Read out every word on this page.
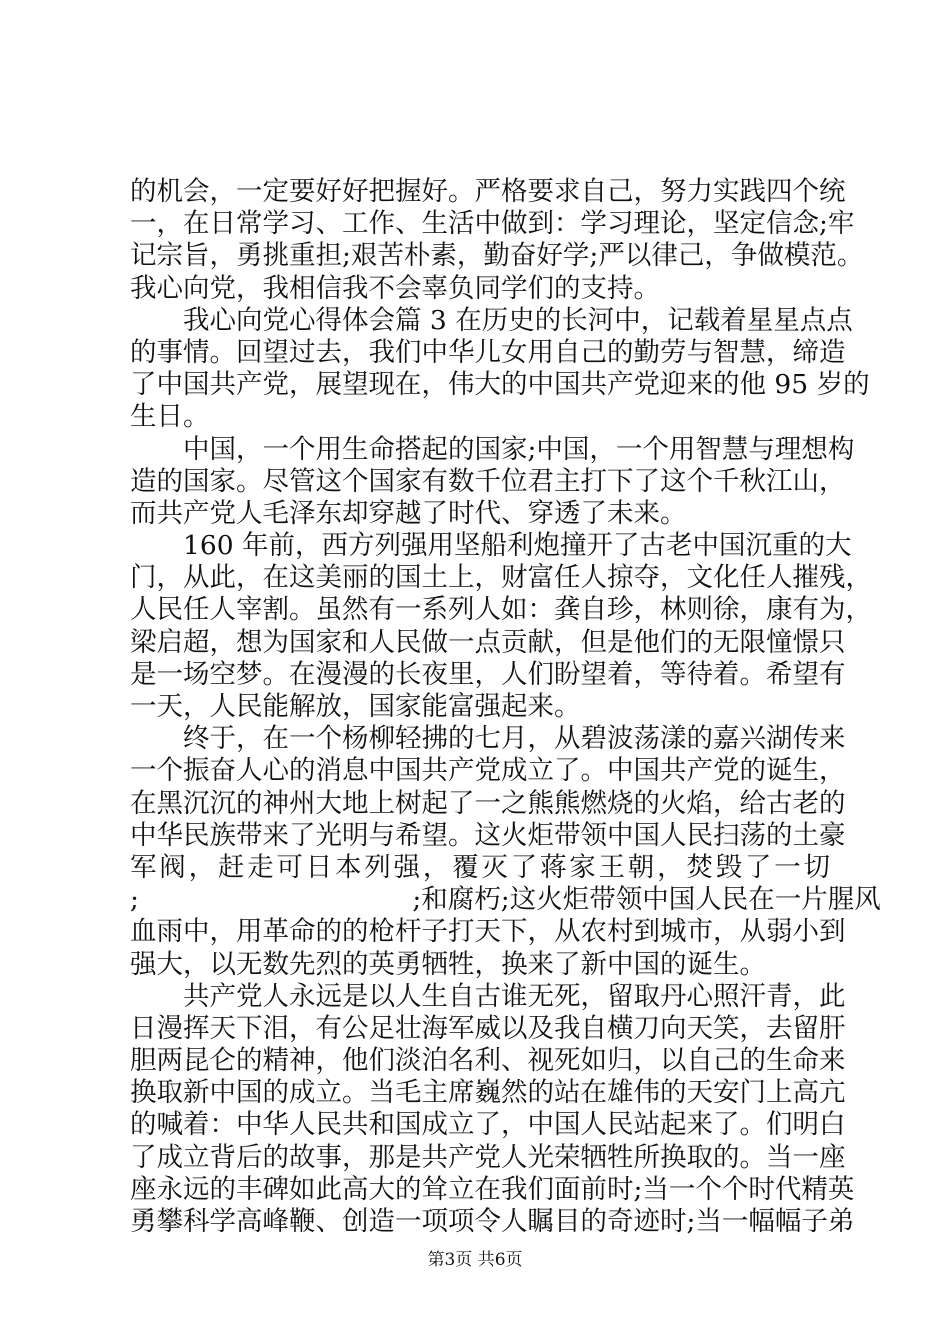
的机会，一定要好好把握好。严格要求自己，努力实践四个统
一，在日常学习、工作、生活中做到：学习理论，坚定信念;牢
记宗旨，勇挑重担;艰苦朴素，勤奋好学;严以律己，争做模范。
我心向党，我相信我不会辜负同学们的支持。
　　我心向党心得体会篇 3 在历史的长河中，记载着星星点点
的事情。回望过去，我们中华儿女用自己的勤劳与智慧，缔造
了中国共产党，展望现在，伟大的中国共产党迎来的他 95 岁的
生日。
　　中国，一个用生命搭起的国家;中国，一个用智慧与理想构
造的国家。尽管这个国家有数千位君主打下了这个千秋江山，
而共产党人毛泽东却穿越了时代、穿透了未来。
　　160 年前，西方列强用坚船利炮撞开了古老中国沉重的大
门，从此，在这美丽的国土上，财富任人掠夺，文化任人摧残，
人民任人宰割。虽然有一系列人如：龚自珍，林则徐，康有为，
梁启超，想为国家和人民做一点贡献，但是他们的无限憧憬只
是一场空梦。在漫漫的长夜里，人们盼望着，等待着。希望有
一天，人民能解放，国家能富强起来。
　　终于，在一个杨柳轻拂的七月，从碧波荡漾的嘉兴湖传来
一个振奋人心的消息中国共产党成立了。中国共产党的诞生，
在黑沉沉的神州大地上树起了一之熊熊燃烧的火焰，给古老的
中华民族带来了光明与希望。这火炬带领中国人民扫荡的土豪
军阀，赶走可日本列强，覆灭了蒋家王朝，焚毁了一切
; 　　　　　　　　　　;和腐朽;这火炬带领中国人民在一片腥风
血雨中，用革命的的枪杆子打天下，从农村到城市，从弱小到
强大，以无数先烈的英勇牺牲，换来了新中国的诞生。
　　共产党人永远是以人生自古谁无死，留取丹心照汗青，此
日漫挥天下泪，有公足壮海军威以及我自横刀向天笑，去留肝
胆两昆仑的精神，他们淡泊名利、视死如归，以自己的生命来
换取新中国的成立。当毛主席巍然的站在雄伟的天安门上高亢
的喊着：中华人民共和国成立了，中国人民站起来了。们明白
了成立背后的故事，那是共产党人光荣牺牲所换取的。当一座
座永远的丰碑如此高大的耸立在我们面前时;当一个个时代精英
勇攀科学高峰鞭、创造一项项令人瞩目的奇迹时;当一幅幅子弟
第3页 共6页
